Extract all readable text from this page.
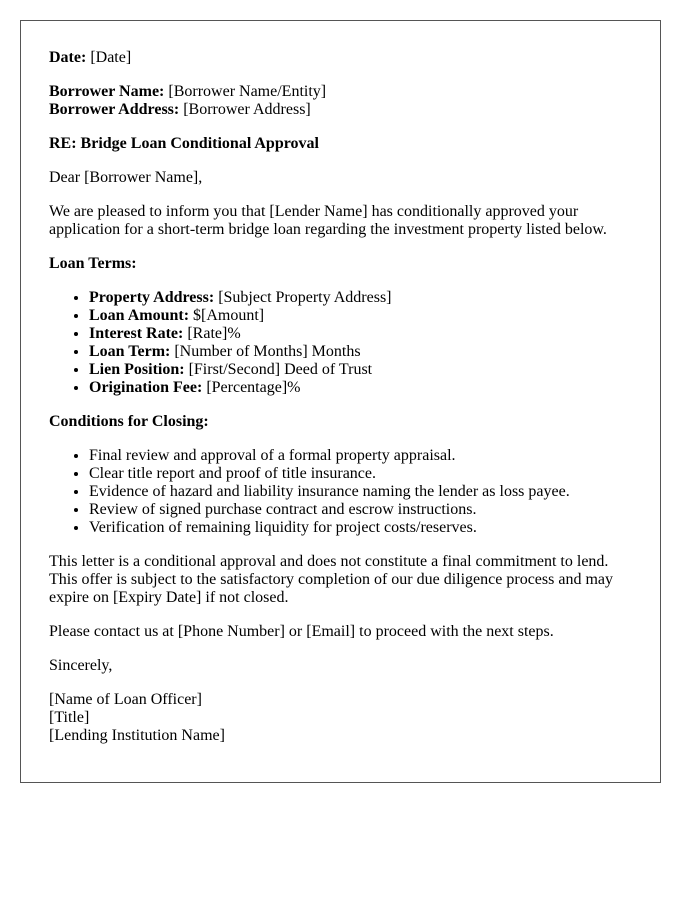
Date: [Date]

Borrower Name: [Borrower Name/Entity]
Borrower Address: [Borrower Address]

RE: Bridge Loan Conditional Approval

Dear [Borrower Name],

We are pleased to inform you that [Lender Name] has conditionally approved your application for a short-term bridge loan regarding the investment property listed below.

Loan Terms:

• Property Address: [Subject Property Address]
• Loan Amount: $[Amount]
• Interest Rate: [Rate]%
• Loan Term: [Number of Months] Months
• Lien Position: [First/Second] Deed of Trust
• Origination Fee: [Percentage]%

Conditions for Closing:

• Final review and approval of a formal property appraisal.
• Clear title report and proof of title insurance.
• Evidence of hazard and liability insurance naming the lender as loss payee.
• Review of signed purchase contract and escrow instructions.
• Verification of remaining liquidity for project costs/reserves.

This letter is a conditional approval and does not constitute a final commitment to lend. This offer is subject to the satisfactory completion of our due diligence process and may expire on [Expiry Date] if not closed.

Please contact us at [Phone Number] or [Email] to proceed with the next steps.

Sincerely,

[Name of Loan Officer]
[Title]
[Lending Institution Name]
